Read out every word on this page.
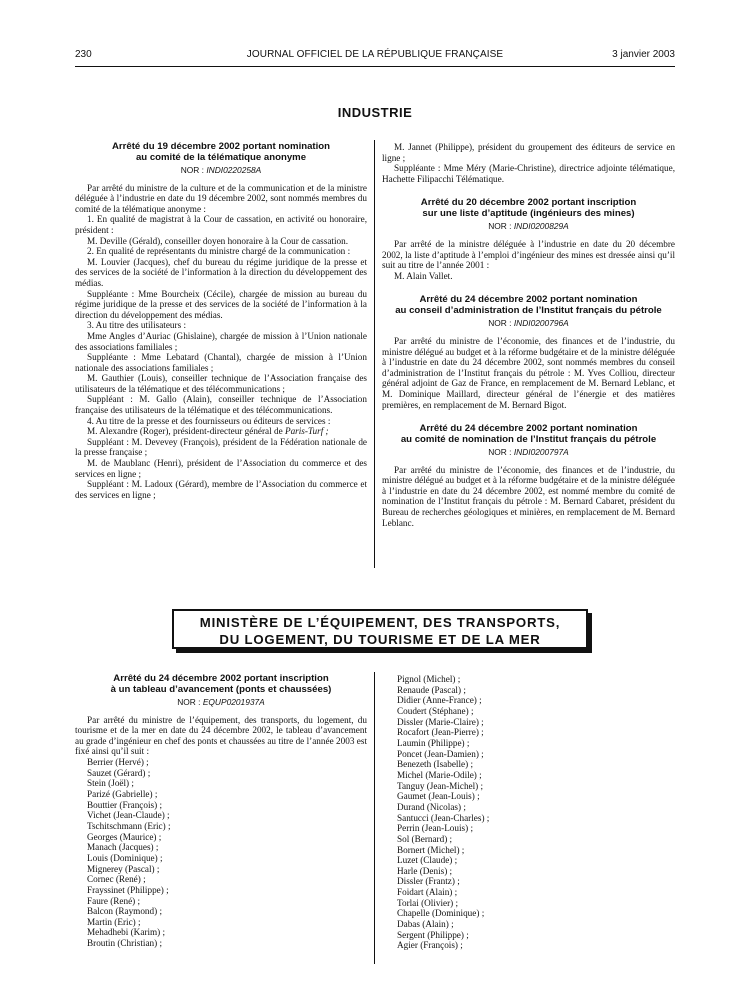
230	JOURNAL OFFICIEL DE LA RÉPUBLIQUE FRANÇAISE	3 janvier 2003
INDUSTRIE
Arrêté du 19 décembre 2002 portant nomination
au comité de la télématique anonyme
NOR : INDI0220258A

Par arrêté du ministre de la culture et de la communication et de la ministre déléguée à l’industrie en date du 19 décembre 2002, sont nommés membres du comité de la télématique anonyme :

1. En qualité de magistrat à la Cour de cassation, en activité ou honoraire, président :

M. Deville (Gérald), conseiller doyen honoraire à la Cour de cassation.

2. En qualité de représentants du ministre chargé de la communication :

M. Louvier (Jacques), chef du bureau du régime juridique de la presse et des services de la société de l’information à la direction du développement des médias.

Suppléante : Mme Bourcheix (Cécile), chargée de mission au bureau du régime juridique de la presse et des services de la société de l’information à la direction du développement des médias.

3. Au titre des utilisateurs :

Mme Angles d’Auriac (Ghislaine), chargée de mission à l’Union nationale des associations familiales ;

Suppléante : Mme Lebatard (Chantal), chargée de mission à l’Union nationale des associations familiales ;

M. Gauthier (Louis), conseiller technique de l’Association française des utilisateurs de la télématique et des télécommunications ;

Suppléant : M. Gallo (Alain), conseiller technique de l’Association française des utilisateurs de la télématique et des télécommunications.

4. Au titre de la presse et des fournisseurs ou éditeurs de services :

M. Alexandre (Roger), président-directeur général de Paris-Turf ;

Suppléant : M. Devevey (François), président de la Fédération nationale de la presse française ;

M. de Maublanc (Henri), président de l’Association du commerce et des services en ligne ;

Suppléant : M. Ladoux (Gérard), membre de l’Association du commerce et des services en ligne ;

M. Jannet (Philippe), président du groupement des éditeurs de service en ligne ;

Suppléante : Mme Méry (Marie-Christine), directrice adjointe télématique, Hachette Filipacchi Télématique.

Arrêté du 20 décembre 2002 portant inscription
sur une liste d’aptitude (ingénieurs des mines)
NOR : INDI0200829A

Par arrêté de la ministre déléguée à l’industrie en date du 20 décembre 2002, la liste d’aptitude à l’emploi d’ingénieur des mines est dressée ainsi qu’il suit au titre de l’année 2001 :

M. Alain Vallet.

Arrêté du 24 décembre 2002 portant nomination
au conseil d’administration de l’Institut français du pétrole
NOR : INDI0200796A

Par arrêté du ministre de l’économie, des finances et de l’industrie, du ministre délégué au budget et à la réforme budgétaire et de la ministre déléguée à l’industrie en date du 24 décembre 2002, sont nommés membres du conseil d’administration de l’Institut français du pétrole : M. Yves Colliou, directeur général adjoint de Gaz de France, en remplacement de M. Bernard Leblanc, et M. Dominique Maillard, directeur général de l’énergie et des matières premières, en remplacement de M. Bernard Bigot.

Arrêté du 24 décembre 2002 portant nomination
au comité de nomination de l’Institut français du pétrole
NOR : INDI0200797A

Par arrêté du ministre de l’économie, des finances et de l’industrie, du ministre délégué au budget et à la réforme budgétaire et de la ministre déléguée à l’industrie en date du 24 décembre 2002, est nommé membre du comité de nomination de l’Institut français du pétrole : M. Bernard Cabaret, président du Bureau de recherches géologiques et minières, en remplacement de M. Bernard Leblanc.

MINISTÈRE DE L’ÉQUIPEMENT, DES TRANSPORTS,
DU LOGEMENT, DU TOURISME ET DE LA MER
Arrêté du 24 décembre 2002 portant inscription
à un tableau d’avancement (ponts et chaussées)
NOR : EQUP0201937A

Par arrêté du ministre de l’équipement, des transports, du logement, du tourisme et de la mer en date du 24 décembre 2002, le tableau d’avancement au grade d’ingénieur en chef des ponts et chaussées au titre de l’année 2003 est fixé ainsi qu’il suit :

Berrier (Hervé) ;
Sauzet (Gérard) ;
Stein (Joël) ;
Parizé (Gabrielle) ;
Bouttier (François) ;
Vichet (Jean-Claude) ;
Tschitschmann (Eric) ;
Georges (Maurice) ;
Manach (Jacques) ;
Louis (Dominique) ;
Mignerey (Pascal) ;
Cornec (René) ;
Frayssinet (Philippe) ;
Faure (René) ;
Balcon (Raymond) ;
Martin (Eric) ;
Mehadhebi (Karim) ;
Broutin (Christian) ;
Pignol (Michel) ;
Renaude (Pascal) ;
Didier (Anne-France) ;
Coudert (Stéphane) ;
Dissler (Marie-Claire) ;
Rocafort (Jean-Pierre) ;
Laumin (Philippe) ;
Poncet (Jean-Damien) ;
Benezeth (Isabelle) ;
Michel (Marie-Odile) ;
Tanguy (Jean-Michel) ;
Gaumet (Jean-Louis) ;
Durand (Nicolas) ;
Santucci (Jean-Charles) ;
Perrin (Jean-Louis) ;
Sol (Bernard) ;
Bornert (Michel) ;
Luzet (Claude) ;
Harle (Denis) ;
Dissler (Frantz) ;
Foidart (Alain) ;
Torlai (Olivier) ;
Chapelle (Dominique) ;
Dabas (Alain) ;
Sergent (Philippe) ;
Agier (François) ;
